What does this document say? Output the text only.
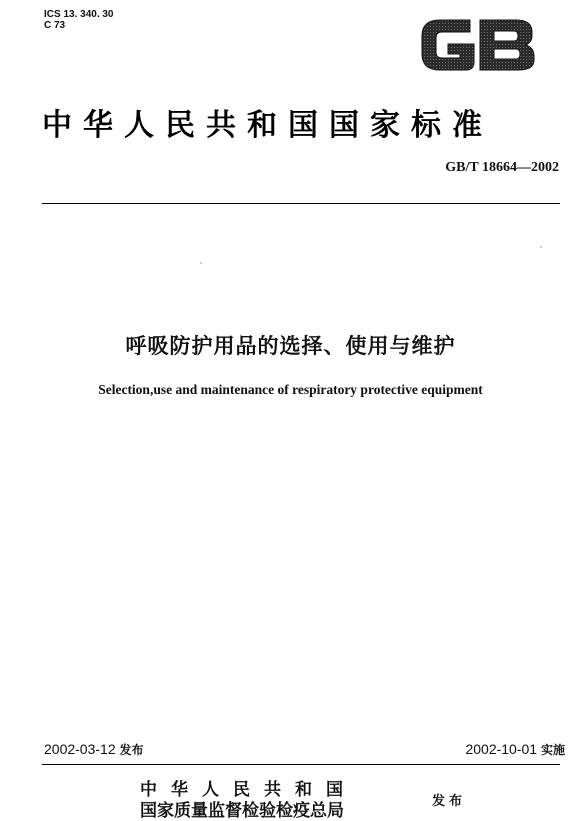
ICS 13. 340. 30
C 73
GB
中华人民共和国国家标准
GB/T 18664—2002
呼吸防护用品的选择、使用与维护
Selection,use and maintenance of respiratory protective equipment
2002-03-12 发布	2002-10-01 实施
中华人民共和国
国家质量监督检验检疫总局	发布
